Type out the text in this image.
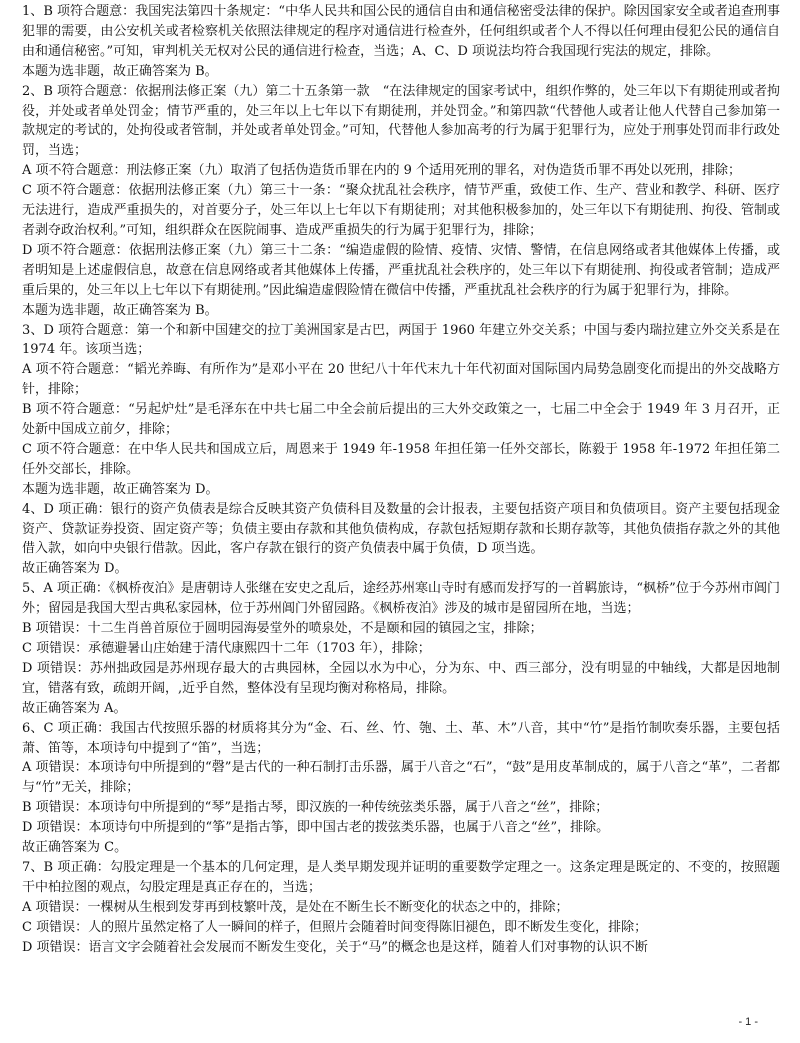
1、B 项符合题意：我国宪法第四十条规定：“中华人民共和国公民的通信自由和通信秘密受法律的保护。除因国家安全或者追查刑事犯罪的需要，由公安机关或者检察机关依照法律规定的程序对通信进行检查外，任何组织或者个人不得以任何理由侵犯公民的通信自由和通信秘密。”可知，审判机关无权对公民的通信进行检查，当选；A、C、D 项说法均符合我国现行宪法的规定，排除。

本题为选非题，故正确答案为 B。

2、B 项符合题意：依据刑法修正案（九）第二十五条第一款　“在法律规定的国家考试中，组织作弊的，处三年以下有期徒刑或者拘役，并处或者单处罚金；情节严重的，处三年以上七年以下有期徒刑，并处罚金。”和第四款“代替他人或者让他人代替自己参加第一款规定的考试的，处拘役或者管制，并处或者单处罚金。”可知，代替他人参加高考的行为属于犯罪行为，应处于刑事处罚而非行政处罚，当选；

A 项不符合题意：刑法修正案（九）取消了包括伪造货币罪在内的 9 个适用死刑的罪名，对伪造货币罪不再处以死刑，排除；

C 项不符合题意：依据刑法修正案（九）第三十一条：“聚众扰乱社会秩序，情节严重，致使工作、生产、营业和教学、科研、医疗无法进行，造成严重损失的，对首要分子，处三年以上七年以下有期徒刑；对其他积极参加的，处三年以下有期徒刑、拘役、管制或者剥夺政治权利。”可知，组织群众在医院闹事、造成严重损失的行为属于犯罪行为，排除；

D 项不符合题意：依据刑法修正案（九）第三十二条：“编造虚假的险情、疫情、灾情、警情，在信息网络或者其他媒体上传播，或者明知是上述虚假信息，故意在信息网络或者其他媒体上传播，严重扰乱社会秩序的，处三年以下有期徒刑、拘役或者管制；造成严重后果的，处三年以上七年以下有期徒刑。”因此编造虚假险情在微信中传播，严重扰乱社会秩序的行为属于犯罪行为，排除。

本题为选非题，故正确答案为 B。

3、D 项符合题意：第一个和新中国建交的拉丁美洲国家是古巴，两国于 1960 年建立外交关系；中国与委内瑞拉建立外交关系是在 1974 年。该项当选；

A 项不符合题意：“韬光养晦、有所作为”是邓小平在 20 世纪八十年代末九十年代初面对国际国内局势急剧变化而提出的外交战略方针，排除；

B 项不符合题意：“另起炉灶”是毛泽东在中共七届二中全会前后提出的三大外交政策之一，七届二中全会于 1949 年 3 月召开，正处新中国成立前夕，排除；

C 项不符合题意：在中华人民共和国成立后，周恩来于 1949 年-1958 年担任第一任外交部长，陈毅于 1958 年-1972 年担任第二任外交部长，排除。

本题为选非题，故正确答案为 D。

4、D 项正确：银行的资产负债表是综合反映其资产负债科目及数量的会计报表，主要包括资产项目和负债项目。资产主要包括现金资产、贷款证券投资、固定资产等；负债主要由存款和其他负债构成，存款包括短期存款和长期存款等，其他负债指存款之外的其他借入款，如向中央银行借款。因此，客户存款在银行的资产负债表中属于负债，D 项当选。

故正确答案为 D。

5、A 项正确：《枫桥夜泊》是唐朝诗人张继在安史之乱后，途经苏州寒山寺时有感而发抒写的一首羁旅诗，“枫桥”位于今苏州市阊门外；留园是我国大型古典私家园林，位于苏州阊门外留园路。《枫桥夜泊》涉及的城市是留园所在地，当选；

B 项错误：十二生肖兽首原位于圆明园海晏堂外的喷泉处，不是颐和园的镇园之宝，排除；

C 项错误：承德避暑山庄始建于清代康熙四十二年（1703 年），排除；

D 项错误：苏州拙政园是苏州现存最大的古典园林，全园以水为中心，分为东、中、西三部分，没有明显的中轴线，大都是因地制宜，错落有致，疏朗开阔，,近乎自然，整体没有呈现均衡对称格局，排除。

故正确答案为 A。

6、C 项正确：我国古代按照乐器的材质将其分为“金、石、丝、竹、匏、土、革、木”八音，其中“竹”是指竹制吹奏乐器，主要包括萧、笛等，本项诗句中提到了“笛”，当选；

A 项错误：本项诗句中所提到的“磬”是古代的一种石制打击乐器，属于八音之“石”，“鼓”是用皮革制成的，属于八音之“革”，二者都与“竹”无关，排除；

B 项错误：本项诗句中所提到的“琴”是指古琴，即汉族的一种传统弦类乐器，属于八音之“丝”，排除；

D 项错误：本项诗句中所提到的“筝”是指古筝，即中国古老的拨弦类乐器，也属于八音之“丝”，排除。

故正确答案为 C。

7、B 项正确：勾股定理是一个基本的几何定理，是人类早期发现并证明的重要数学定理之一。这条定理是既定的、不变的，按照题干中柏拉图的观点，勾股定理是真正存在的，当选；

A 项错误：一棵树从生根到发芽再到枝繁叶茂，是处在不断生长不断变化的状态之中的，排除；

C 项错误：人的照片虽然定格了人一瞬间的样子，但照片会随着时间变得陈旧褪色，即不断发生变化，排除；

D 项错误：语言文字会随着社会发展而不断发生变化，关于“马”的概念也是这样，随着人们对事物的认识不断

- 1 -
